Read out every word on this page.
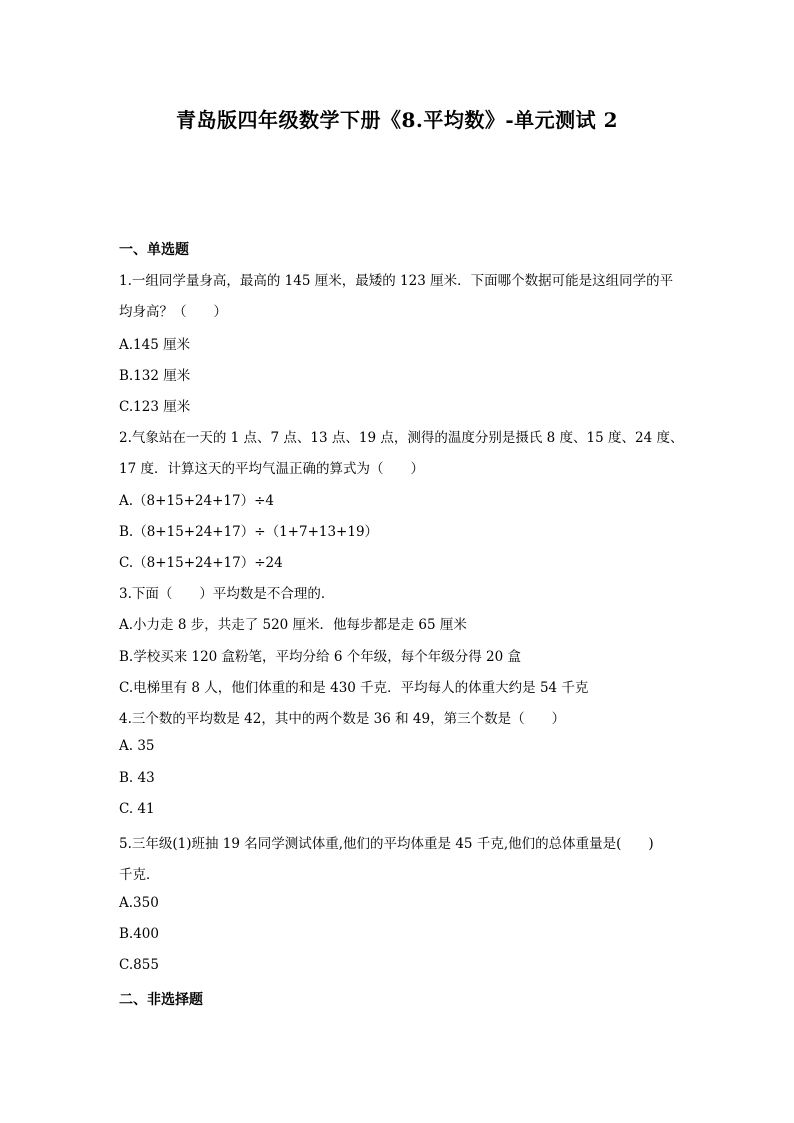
青岛版四年级数学下册《8.平均数》-单元测试 2
一、单选题
1.一组同学量身高，最高的 145 厘米，最矮的 123 厘米．下面哪个数据可能是这组同学的平
均身高？（　　）
A.145 厘米
B.132 厘米
C.123 厘米
2.气象站在一天的 1 点、7 点、13 点、19 点，测得的温度分别是摄氏 8 度、15 度、24 度、
17 度．计算这天的平均气温正确的算式为（　　）
A.（8+15+24+17）÷4
B.（8+15+24+17）÷（1+7+13+19）
C.（8+15+24+17）÷24
3.下面（　　）平均数是不合理的．
A.小力走 8 步，共走了 520 厘米．他每步都是走 65 厘米
B.学校买来 120 盒粉笔，平均分给 6 个年级，每个年级分得 20 盒
C.电梯里有 8 人，他们体重的和是 430 千克．平均每人的体重大约是 54 千克
4.三个数的平均数是 42，其中的两个数是 36 和 49，第三个数是（　　）
A. 35
B. 43
C. 41
5.三年级(1)班抽 19 名同学测试体重,他们的平均体重是 45 千克,他们的总体重量是(　　)
千克．
A.350
B.400
C.855
二、非选择题
